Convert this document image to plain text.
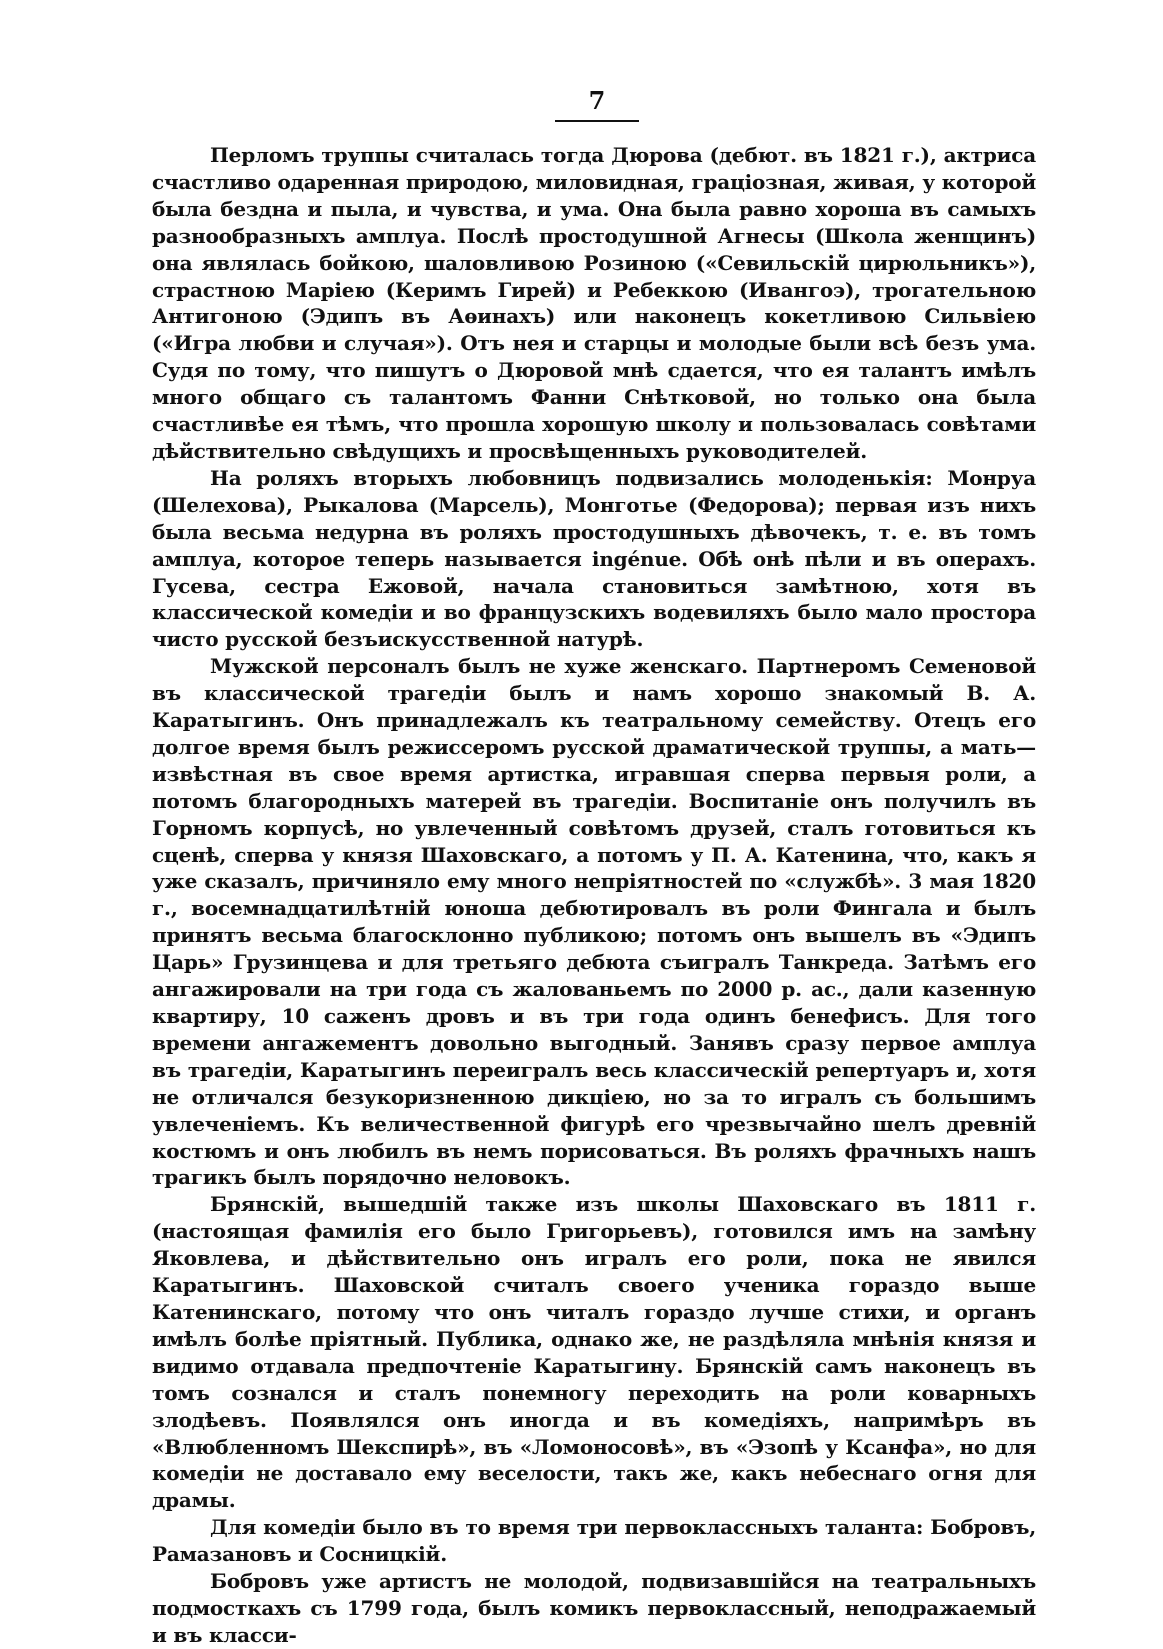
7

Перломъ труппы считалась тогда Дюрова (дебют. въ 1821 г.), актриса счастливо одаренная природою, миловидная, граціозная, живая, у которой была бездна и пыла, и чувства, и ума. Она была равно хороша въ самыхъ разнообразныхъ амплуа. Послѣ простодушной Агнесы (Школа женщинъ) она являлась бойкою, шаловливою Розиною («Севильскій цирюльникъ»), страстною Маріею (Керимъ Гирей) и Ребеккою (Ивангоэ), трогательною Антигоною (Эдипъ въ Аѳинахъ) или наконецъ кокетливою Сильвіею («Игра любви и случая»). Отъ нея и старцы и молодые были всѣ безъ ума. Судя по тому, что пишутъ о Дюровой мнѣ сдается, что ея талантъ имѣлъ много общаго съ талантомъ Фанни Снѣтковой, но только она была счастливѣе ея тѣмъ, что прошла хорошую школу и пользовалась совѣтами дѣйствительно свѣдущихъ и просвѣщенныхъ руководителей.

На роляхъ вторыхъ любовницъ подвизались молоденькія: Монруа (Шелехова), Рыкалова (Марсель), Монготье (Федорова); первая изъ нихъ была весьма недурна въ роляхъ простодушныхъ дѣвочекъ, т. е. въ томъ амплуа, которое теперь называется ingénue. Обѣ онѣ пѣли и въ операхъ. Гусева, сестра Ежовой, начала становиться замѣтною, хотя въ классической комедіи и во французскихъ водевиляхъ было мало простора чисто русской безъискусственной натурѣ.

Мужской персоналъ былъ не хуже женскаго. Партнеромъ Семеновой въ классической трагедіи былъ и намъ хорошо знакомый В. А. Каратыгинъ. Онъ принадлежалъ къ театральному семейству. Отецъ его долгое время былъ режиссеромъ русской драматической труппы, а мать—извѣстная въ свое время артистка, игравшая сперва первыя роли, а потомъ благородныхъ матерей въ трагедіи. Воспитаніе онъ получилъ въ Горномъ корпусѣ, но увлеченный совѣтомъ друзей, сталъ готовиться къ сценѣ, сперва у князя Шаховскаго, а потомъ у П. А. Катенина, что, какъ я уже сказалъ, причиняло ему много непріятностей по «службѣ». 3 мая 1820 г., восемнадцатилѣтній юноша дебютировалъ въ роли Фингала и былъ принятъ весьма благосклонно публикою; потомъ онъ вышелъ въ «Эдипъ Царь» Грузинцева и для третьяго дебюта съигралъ Танкреда. Затѣмъ его ангажировали на три года съ жалованьемъ по 2000 р. ас., дали казенную квартиру, 10 саженъ дровъ и въ три года одинъ бенефисъ. Для того времени ангажементъ довольно выгодный. Занявъ сразу первое амплуа въ трагедіи, Каратыгинъ переигралъ весь классическій репертуаръ и, хотя не отличался безукоризненною дикціею, но за то игралъ съ большимъ увлеченіемъ. Къ величественной фигурѣ его чрезвычайно шелъ древній костюмъ и онъ любилъ въ немъ порисоваться. Въ роляхъ фрачныхъ нашъ трагикъ былъ порядочно неловокъ.

Брянскій, вышедшій также изъ школы Шаховскаго въ 1811 г. (настоящая фамилія его было Григорьевъ), готовился имъ на замѣну Яковлева, и дѣйствительно онъ игралъ его роли, пока не явился Каратыгинъ. Шаховской считалъ своего ученика гораздо выше Катенинскаго, потому что онъ читалъ гораздо лучше стихи, и органъ имѣлъ болѣе пріятный. Публика, однако же, не раздѣляла мнѣнія князя и видимо отдавала предпочтеніе Каратыгину. Брянскій самъ наконецъ въ томъ сознался и сталъ понемногу переходить на роли коварныхъ злодѣевъ. Появлялся онъ иногда и въ комедіяхъ, напримѣръ въ «Влюбленномъ Шекспирѣ», въ «Ломоносовѣ», въ «Эзопѣ у Ксанфа», но для комедіи не доставало ему веселости, такъ же, какъ небеснаго огня для драмы.

Для комедіи было въ то время три первоклассныхъ таланта: Бобровъ, Рамазановъ и Сосницкій.

Бобровъ уже артистъ не молодой, подвизавшійся на театральныхъ подмосткахъ съ 1799 года, былъ комикъ первоклассный, неподражаемый и въ класси-
